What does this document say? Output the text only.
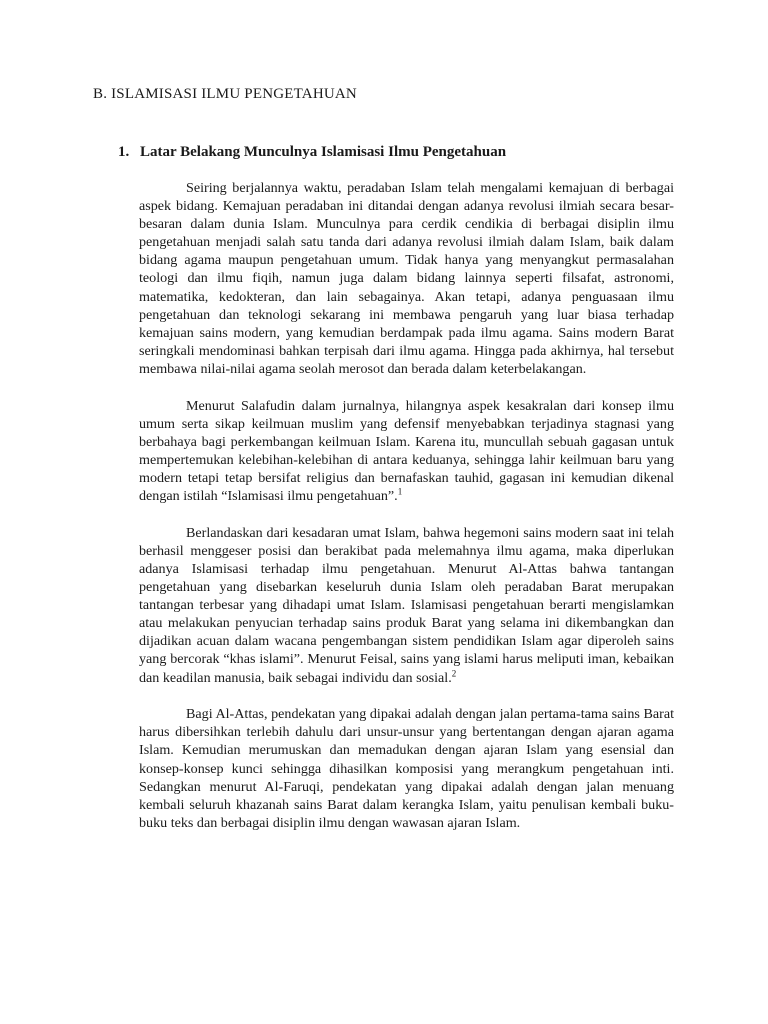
B. ISLAMISASI ILMU PENGETAHUAN
1. Latar Belakang Munculnya Islamisasi Ilmu Pengetahuan

Seiring berjalannya waktu, peradaban Islam telah mengalami kemajuan di berbagai aspek bidang. Kemajuan peradaban ini ditandai dengan adanya revolusi ilmiah secara besar-besaran dalam dunia Islam. Munculnya para cerdik cendikia di berbagai disiplin ilmu pengetahuan menjadi salah satu tanda dari adanya revolusi ilmiah dalam Islam, baik dalam bidang agama maupun pengetahuan umum. Tidak hanya yang menyangkut permasalahan teologi dan ilmu fiqih, namun juga dalam bidang lainnya seperti filsafat, astronomi, matematika, kedokteran, dan lain sebagainya. Akan tetapi, adanya penguasaan ilmu pengetahuan dan teknologi sekarang ini membawa pengaruh yang luar biasa terhadap kemajuan sains modern, yang kemudian berdampak pada ilmu agama. Sains modern Barat seringkali mendominasi bahkan terpisah dari ilmu agama. Hingga pada akhirnya, hal tersebut membawa nilai-nilai agama seolah merosot dan berada dalam keterbelakangan.

Menurut Salafudin dalam jurnalnya, hilangnya aspek kesakralan dari konsep ilmu umum serta sikap keilmuan muslim yang defensif menyebabkan terjadinya stagnasi yang berbahaya bagi perkembangan keilmuan Islam. Karena itu, muncullah sebuah gagasan untuk mempertemukan kelebihan-kelebihan di antara keduanya, sehingga lahir keilmuan baru yang modern tetapi tetap bersifat religius dan bernafaskan tauhid, gagasan ini kemudian dikenal dengan istilah “Islamisasi ilmu pengetahuan”.$^1$

Berlandaskan dari kesadaran umat Islam, bahwa hegemoni sains modern saat ini telah berhasil menggeser posisi dan berakibat pada melemahnya ilmu agama, maka diperlukan adanya Islamisasi terhadap ilmu pengetahuan. Menurut Al-Attas bahwa tantangan pengetahuan yang disebarkan keseluruh dunia Islam oleh peradaban Barat merupakan tantangan terbesar yang dihadapi umat Islam. Islamisasi pengetahuan berarti mengislamkan atau melakukan penyucian terhadap sains produk Barat yang selama ini dikembangkan dan dijadikan acuan dalam wacana pengembangan sistem pendidikan Islam agar diperoleh sains yang bercorak “khas islami”. Menurut Feisal, sains yang islami harus meliputi iman, kebaikan dan keadilan manusia, baik sebagai individu dan sosial.$^2$

Bagi Al-Attas, pendekatan yang dipakai adalah dengan jalan pertama-tama sains Barat harus dibersihkan terlebih dahulu dari unsur-unsur yang bertentangan dengan ajaran agama Islam. Kemudian merumuskan dan memadukan dengan ajaran Islam yang esensial dan konsep-konsep kunci sehingga dihasilkan komposisi yang merangkum pengetahuan inti. Sedangkan menurut Al-Faruqi, pendekatan yang dipakai adalah dengan jalan menuang kembali seluruh khazanah sains Barat dalam kerangka Islam, yaitu penulisan kembali buku-buku teks dan berbagai disiplin ilmu dengan wawasan ajaran Islam.
